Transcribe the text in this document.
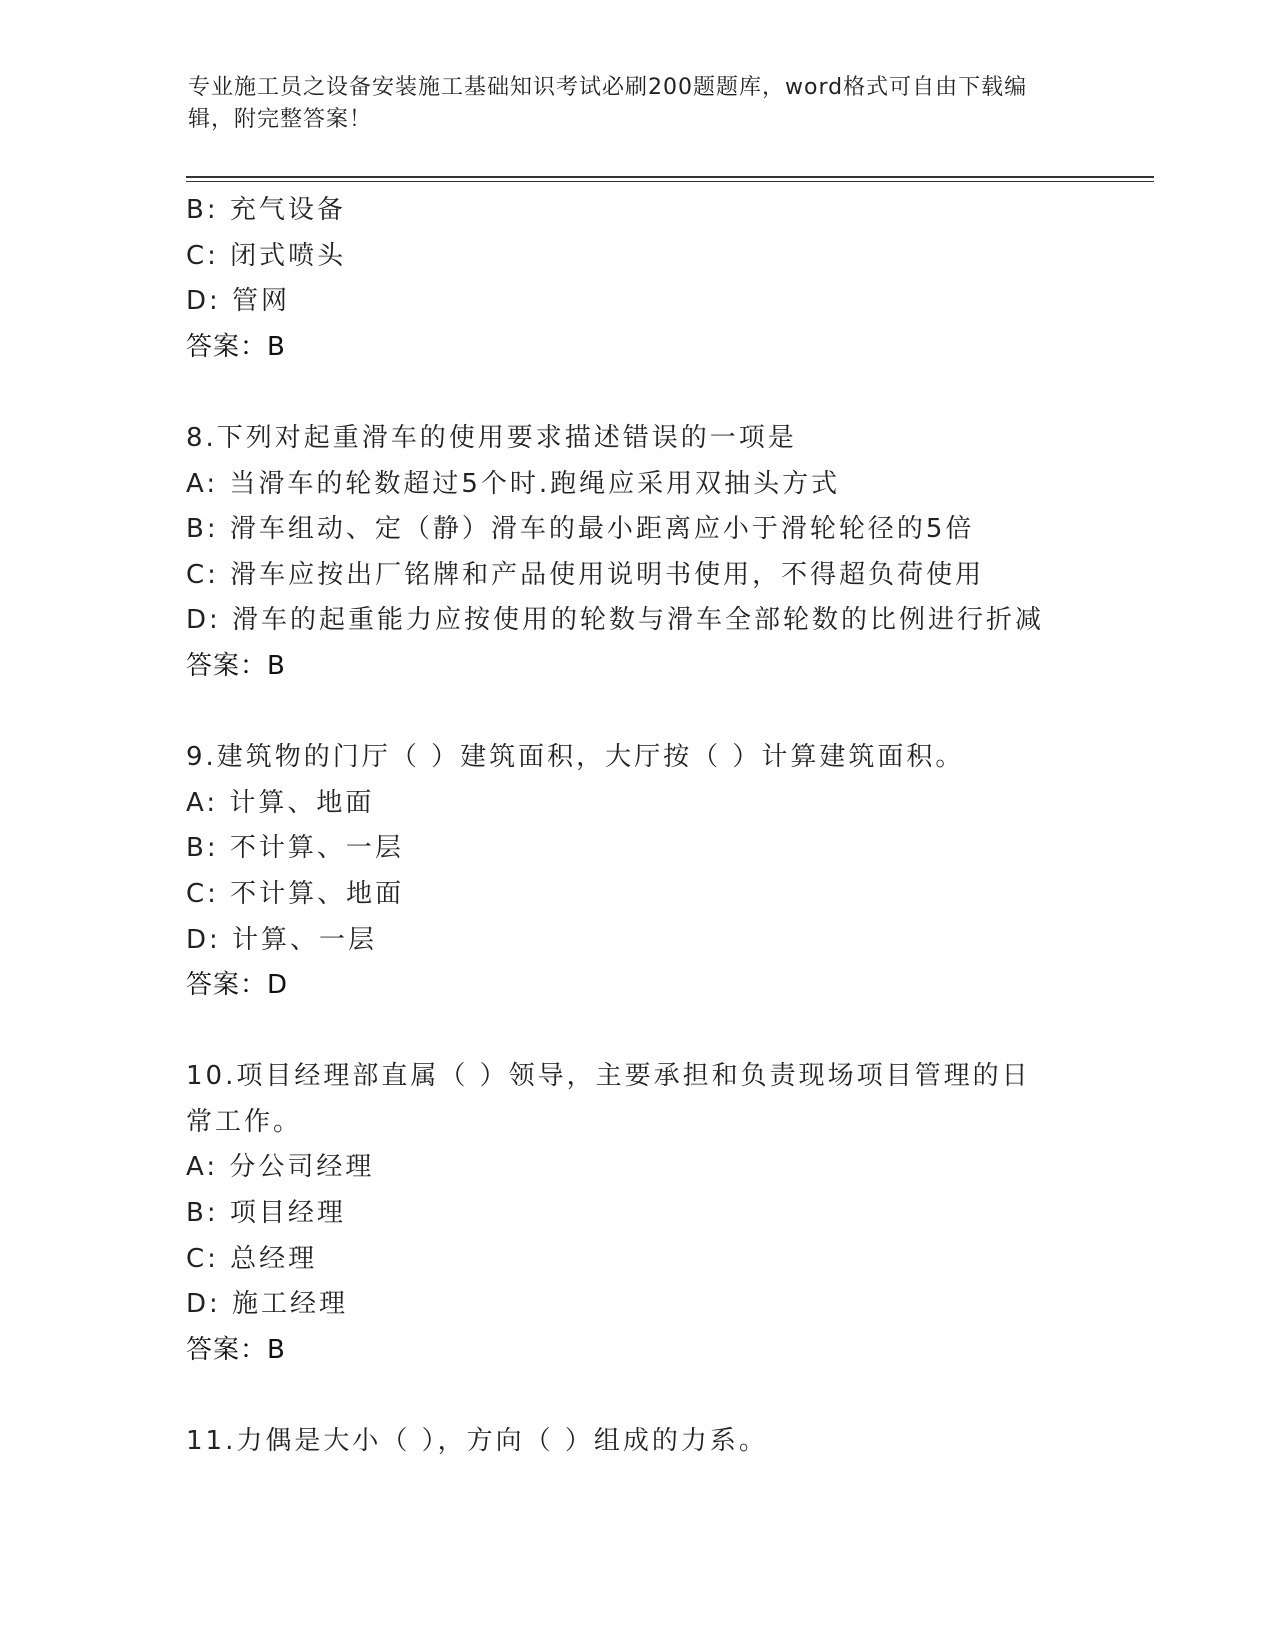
专业施工员之设备安装施工基础知识考试必刷200题题库，word格式可自由下载编辑，附完整答案！
B: 充气设备
C: 闭式喷头
D: 管网
答案：B
8.下列对起重滑车的使用要求描述错误的一项是
A: 当滑车的轮数超过5个时.跑绳应采用双抽头方式
B: 滑车组动、定（静）滑车的最小距离应小于滑轮轮径的5倍
C: 滑车应按出厂铭牌和产品使用说明书使用，不得超负荷使用
D: 滑车的起重能力应按使用的轮数与滑车全部轮数的比例进行折减
答案：B
9.建筑物的门厅（ ）建筑面积，大厅按（ ）计算建筑面积。
A: 计算、地面
B: 不计算、一层
C: 不计算、地面
D: 计算、一层
答案：D
10.项目经理部直属（ ）领导，主要承担和负责现场项目管理的日常工作。
A: 分公司经理
B: 项目经理
C: 总经理
D: 施工经理
答案：B
11.力偶是大小（ ），方向（ ）组成的力系。
